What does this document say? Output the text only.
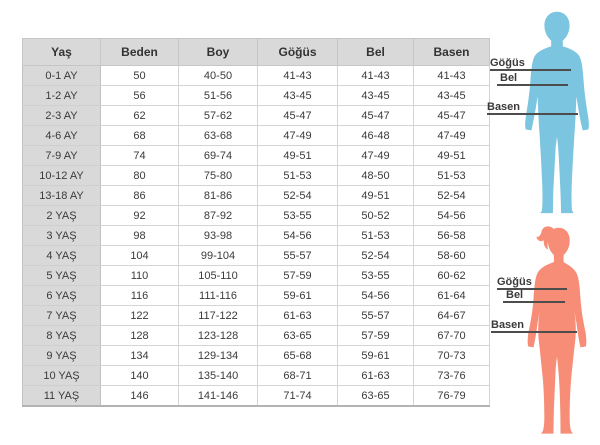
Yaş	Beden	Boy	Göğüs	Bel	Basen
0-1 AY	50	40-50	41-43	41-43	41-43
1-2 AY	56	51-56	43-45	43-45	43-45
2-3 AY	62	57-62	45-47	45-47	45-47
4-6 AY	68	63-68	47-49	46-48	47-49
7-9 AY	74	69-74	49-51	47-49	49-51
10-12 AY	80	75-80	51-53	48-50	51-53
13-18 AY	86	81-86	52-54	49-51	52-54
2 YAŞ	92	87-92	53-55	50-52	54-56
3 YAŞ	98	93-98	54-56	51-53	56-58
4 YAŞ	104	99-104	55-57	52-54	58-60
5 YAŞ	110	105-110	57-59	53-55	60-62
6 YAŞ	116	111-116	59-61	54-56	61-64
7 YAŞ	122	117-122	61-63	55-57	64-67
8 YAŞ	128	123-128	63-65	57-59	67-70
9 YAŞ	134	129-134	65-68	59-61	70-73
10 YAŞ	140	135-140	68-71	61-63	73-76
11 YAŞ	146	141-146	71-74	63-65	76-79
Göğüs
Bel
Basen
Göğüs
Bel
Basen
